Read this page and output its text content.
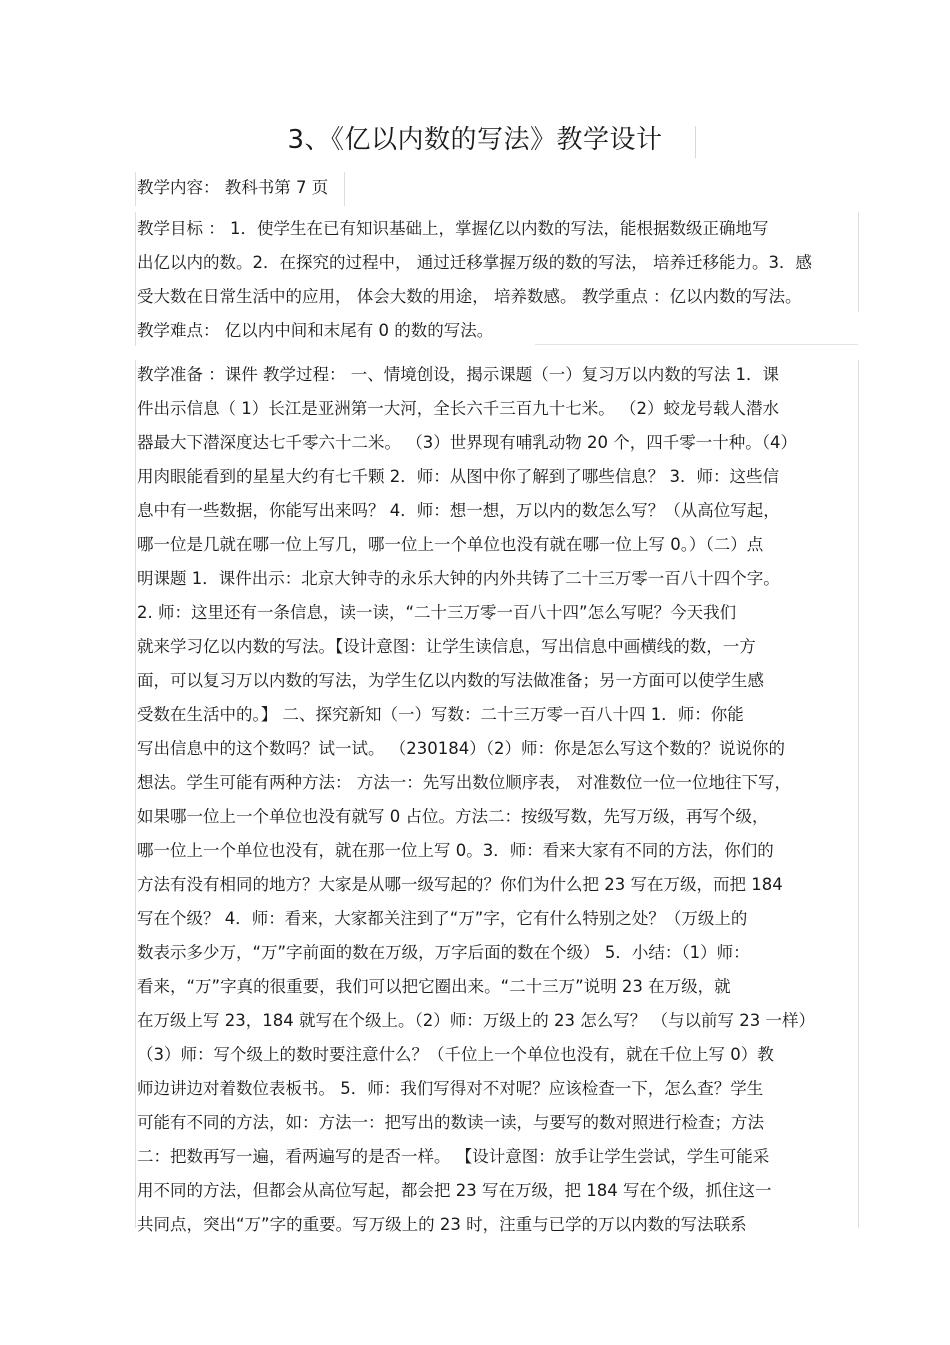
3、《亿以内数的写法》教学设计
教学内容： 教科书第 7 页
教学目标 ： 1．使学生在已有知识基础上，掌握亿以内数的写法，能根据数级正确地写
出亿以内的数。2．在探究的过程中， 通过迁移掌握万级的数的写法， 培养迁移能力。3．感
受大数在日常生活中的应用， 体会大数的用途， 培养数感。 教学重点 ：亿以内数的写法。
教学难点： 亿以内中间和末尾有 0 的数的写法。
教学准备 ：课件 教学过程： 一、情境创设，揭示课题（一）复习万以内数的写法 1．课
件出示信息（ 1）长江是亚洲第一大河，全长六千三百九十七米。 （2）蛟龙号载人潜水
器最大下潜深度达七千零六十二米。 （3）世界现有哺乳动物 20 个，四千零一十种。（4）
用肉眼能看到的星星大约有七千颗 2．师：从图中你了解到了哪些信息？ 3．师：这些信
息中有一些数据，你能写出来吗？ 4．师：想一想，万以内的数怎么写？（从高位写起，
哪一位是几就在哪一位上写几，哪一位上一个单位也没有就在哪一位上写 0。）（二）点
明课题 1．课件出示：北京大钟寺的永乐大钟的内外共铸了二十三万零一百八十四个字。
2. 师：这里还有一条信息，读一读，“二十三万零一百八十四”怎么写呢？今天我们
就来学习亿以内数的写法。【设计意图：让学生读信息，写出信息中画横线的数，一方
面，可以复习万以内数的写法，为学生亿以内数的写法做准备；另一方面可以使学生感
受数在生活中的。】 二、探究新知（一）写数：二十三万零一百八十四 1．师：你能
写出信息中的这个数吗？试一试。 （230184）（2）师：你是怎么写这个数的？说说你的
想法。学生可能有两种方法： 方法一：先写出数位顺序表， 对准数位一位一位地往下写，
如果哪一位上一个单位也没有就写 0 占位。方法二：按级写数，先写万级，再写个级，
哪一位上一个单位也没有，就在那一位上写 0。3．师：看来大家有不同的方法，你们的
方法有没有相同的地方？大家是从哪一级写起的？你们为什么把 23 写在万级，而把 184
写在个级？ 4．师：看来，大家都关注到了“万”字，它有什么特别之处？（万级上的
数表示多少万，“万”字前面的数在万级，万字后面的数在个级） 5．小结：（1）师：
看来，“万”字真的很重要，我们可以把它圈出来。“二十三万”说明 23 在万级，就
在万级上写 23，184 就写在个级上。（2）师：万级上的 23 怎么写？ （与以前写 23 一样）
（3）师：写个级上的数时要注意什么？（千位上一个单位也没有，就在千位上写 0）教
师边讲边对着数位表板书。 5．师：我们写得对不对呢？应该检查一下，怎么查？学生
可能有不同的方法，如：方法一：把写出的数读一读，与要写的数对照进行检查；方法
二：把数再写一遍，看两遍写的是否一样。 【设计意图：放手让学生尝试，学生可能采
用不同的方法，但都会从高位写起，都会把 23 写在万级，把 184 写在个级，抓住这一
共同点，突出“万”字的重要。写万级上的 23 时，注重与已学的万以内数的写法联系
